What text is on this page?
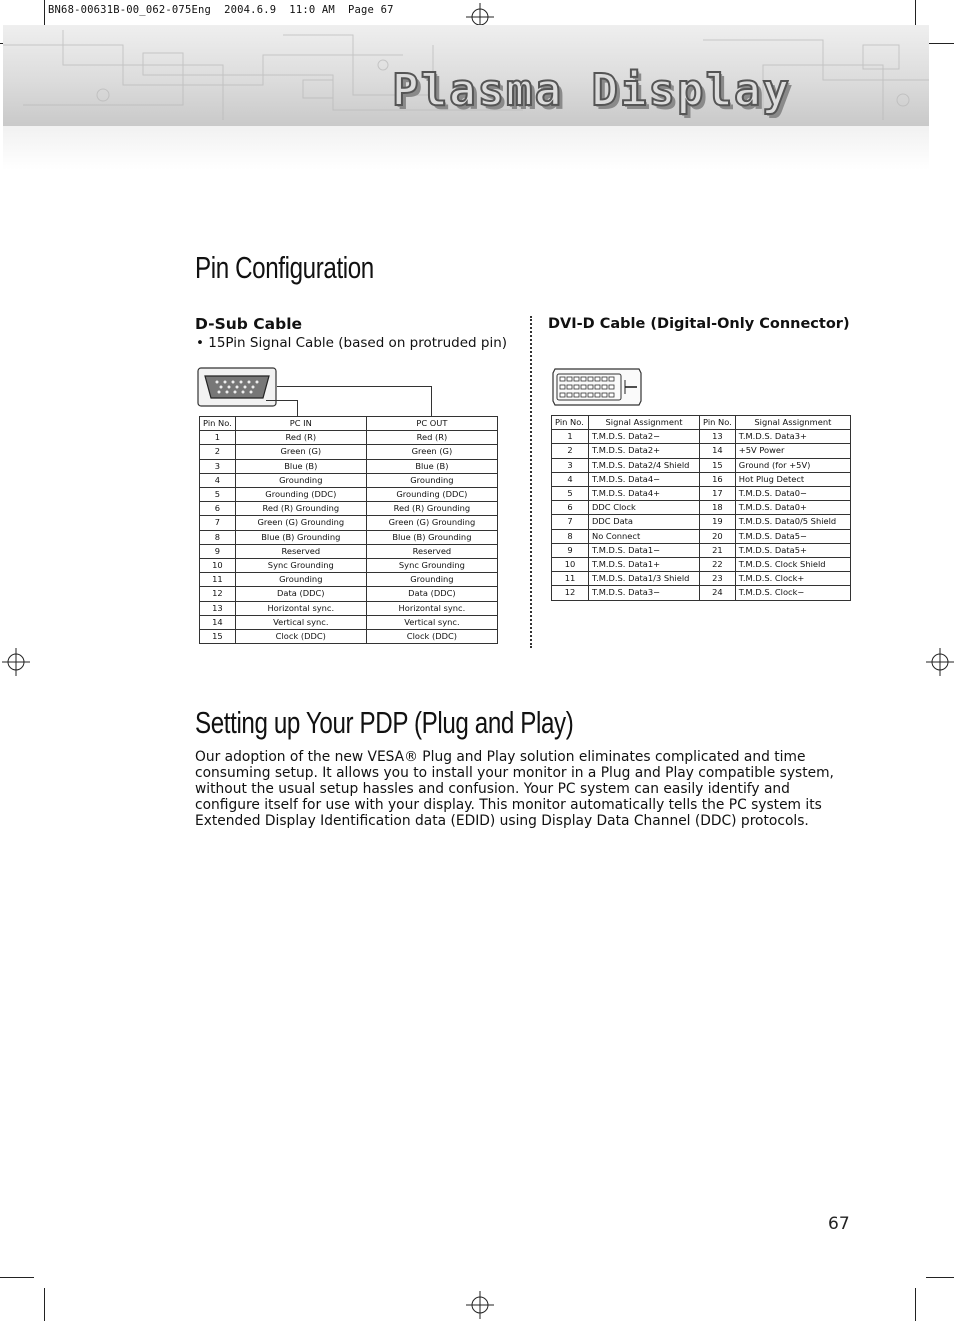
BN68-00631B-00_062-075Eng  2004.6.9  11:0 AM  Page 67
Plasma Display
Pin Configuration
D-Sub Cable
• 15Pin Signal Cable (based on protruded pin)
DVI-D Cable (Digital-Only Connector)
Pin No.	PC IN	PC OUT
1	Red (R)	Red (R)
2	Green (G)	Green (G)
3	Blue (B)	Blue (B)
4	Grounding	Grounding
5	Grounding (DDC)	Grounding (DDC)
6	Red (R) Grounding	Red (R) Grounding
7	Green (G) Grounding	Green (G) Grounding
8	Blue (B) Grounding	Blue (B) Grounding
9	Reserved	Reserved
10	Sync Grounding	Sync Grounding
11	Grounding	Grounding
12	Data (DDC)	Data (DDC)
13	Horizontal sync.	Horizontal sync.
14	Vertical sync.	Vertical sync.
15	Clock (DDC)	Clock (DDC)
Pin No.	Signal Assignment	Pin No.	Signal Assignment
1	T.M.D.S. Data2−	13	T.M.D.S. Data3+
2	T.M.D.S. Data2+	14	+5V Power
3	T.M.D.S. Data2/4 Shield	15	Ground (for +5V)
4	T.M.D.S. Data4−	16	Hot Plug Detect
5	T.M.D.S. Data4+	17	T.M.D.S. Data0−
6	DDC Clock	18	T.M.D.S. Data0+
7	DDC Data	19	T.M.D.S. Data0/5 Shield
8	No Connect	20	T.M.D.S. Data5−
9	T.M.D.S. Data1−	21	T.M.D.S. Data5+
10	T.M.D.S. Data1+	22	T.M.D.S. Clock Shield
11	T.M.D.S. Data1/3 Shield	23	T.M.D.S. Clock+
12	T.M.D.S. Data3−	24	T.M.D.S. Clock−
Setting up Your PDP (Plug and Play)
Our adoption of the new VESA® Plug and Play solution eliminates complicated and time consuming setup. It allows you to install your monitor in a Plug and Play compatible system, without the usual setup hassles and confusion. Your PC system can easily identify and configure itself for use with your display. This monitor automatically tells the PC system its Extended Display Identification data (EDID) using Display Data Channel (DDC) protocols.
67
